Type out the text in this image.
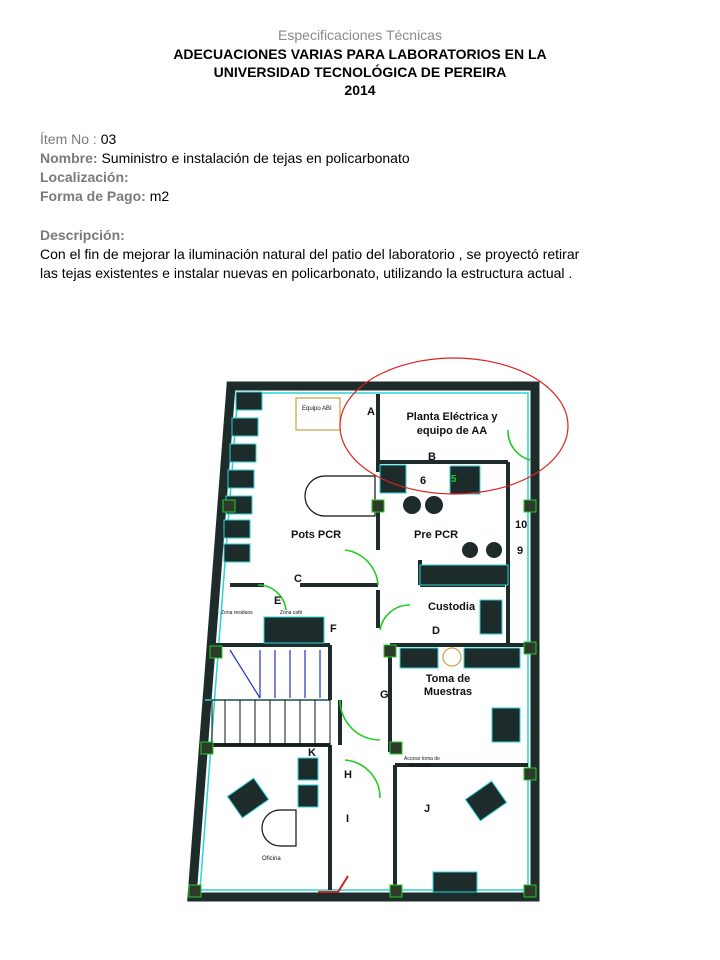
Especificaciones Técnicas
ADECUACIONES VARIAS PARA LABORATORIOS EN LA
UNIVERSIDAD TECNOLÓGICA DE PEREIRA
2014
Ítem No : 03
Nombre: Suministro e instalación de tejas en policarbonato
Localización:
Forma de Pago: m2
Descripción:
Con el fin de mejorar la iluminación natural del patio del laboratorio , se proyectó retirar
las tejas existentes e instalar nuevas en policarbonato, utilizando la estructura actual .
Equipo ABI
Planta Eléctrica y
equipo de AA
Pots PCR	Pre PCR
Custodia
Toma de
Muestras
Zona residuos	Zona café
Acceso toma de
muestras
Oficina
A
B
C
D
E
F
G
H
I
J
K
6 5
10
9
